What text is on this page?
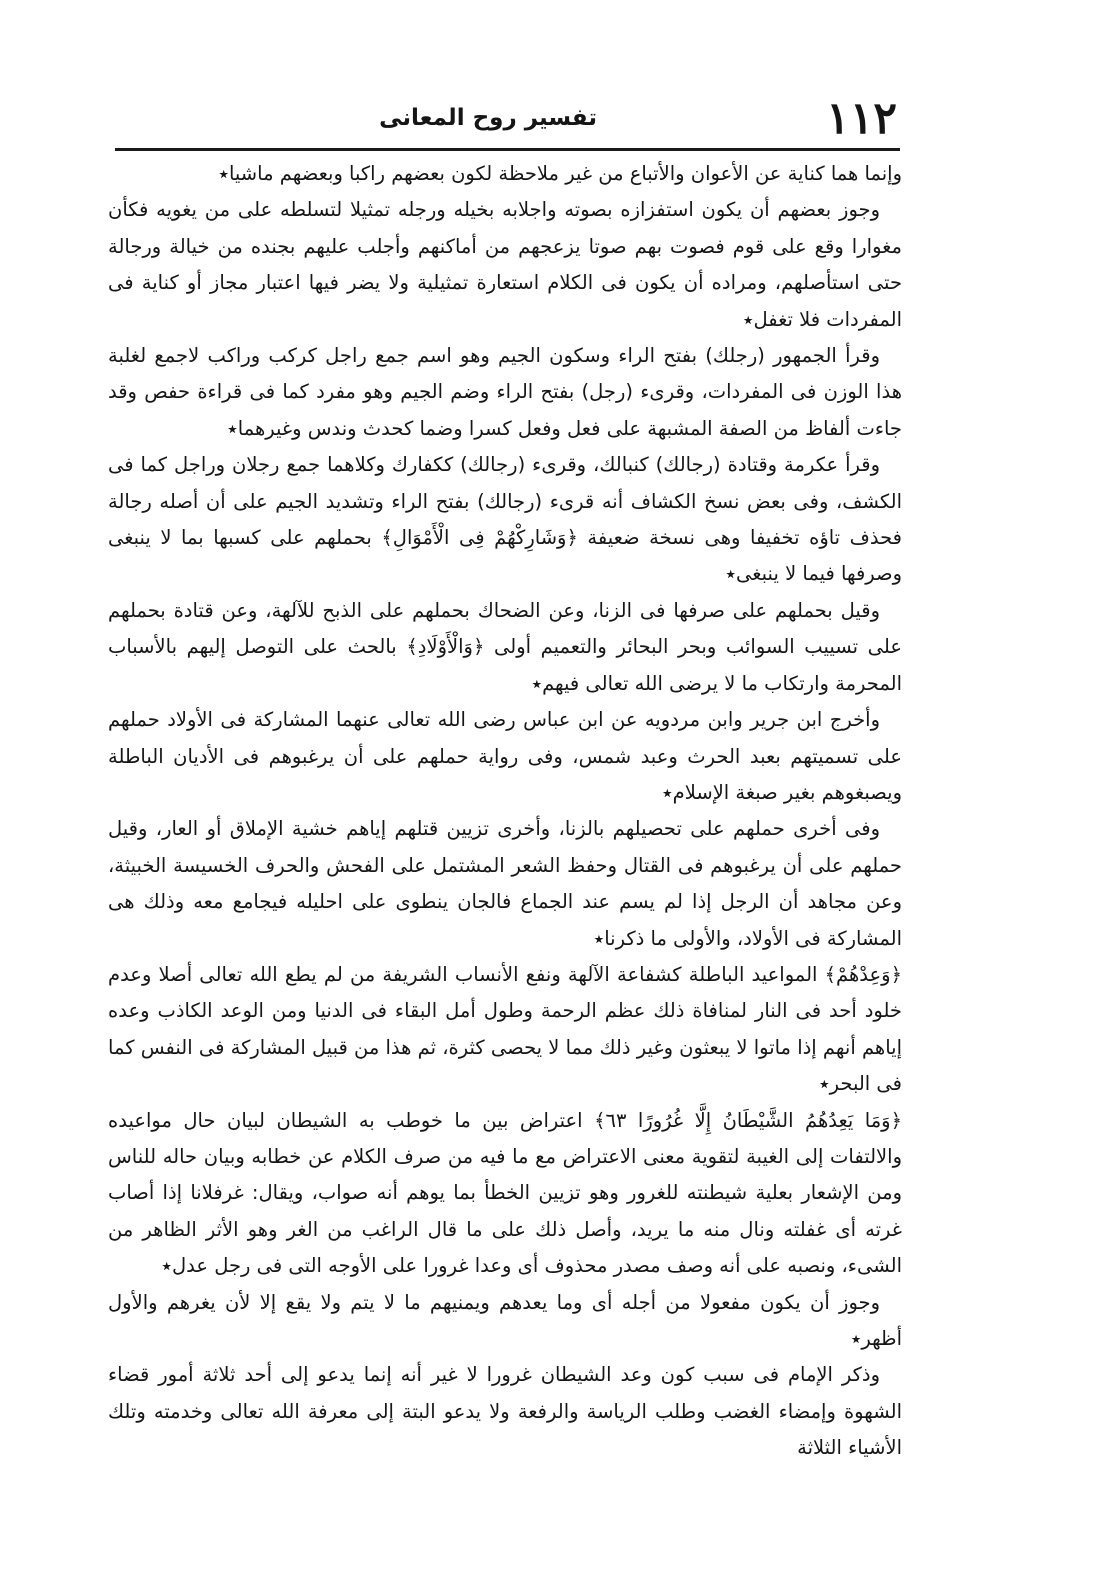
١١٢
تفسير روح المعانى

وإنما هما كناية عن الأعوان والأتباع من غير ملاحظة لكون بعضهم راكبا وبعضهم ماشيا٭

وجوز بعضهم أن يكون استفزازه بصوته واجلابه بخيله ورجله تمثيلا لتسلطه على من يغويه فكأن مغوارا وقع على قوم فصوت بهم صوتا يزعجهم من أماكنهم وأجلب عليهم بجنده من خيالة ورجالة حتى استأصلهم، ومراده أن يكون فى الكلام استعارة تمثيلية ولا يضر فيها اعتبار مجاز أو كناية فى المفردات فلا تغفل٭

وقرأ الجمهور (رجلك) بفتح الراء وسكون الجيم وهو اسم جمع راجل كركب وراكب لاجمع لغلبة هذا الوزن فى المفردات، وقرىء (رجل) بفتح الراء وضم الجيم وهو مفرد كما فى قراءة حفص وقد جاءت ألفاظ من الصفة المشبهة على فعل وفعل كسرا وضما كحدث وندس وغيرهما٭

وقرأ عكرمة وقتادة (رجالك) كنبالك، وقرىء (رجالك) ككفارك وكلاهما جمع رجلان وراجل كما فى الكشف، وفى بعض نسخ الكشاف أنه قرىء (رجالك) بفتح الراء وتشديد الجيم على أن أصله رجالة فحذف تاؤه تخفيفا وهى نسخة ضعيفة ﴿وَشَارِكْهُمْ فِى الْأَمْوَالِ﴾ بحملهم على كسبها بما لا ينبغى وصرفها فيما لا ينبغى٭

وقيل بحملهم على صرفها فى الزنا، وعن الضحاك بحملهم على الذبح للآلهة، وعن قتادة بحملهم على تسييب السوائب وبحر البحائر والتعميم أولى ﴿وَالْأَوْلَادِ﴾ بالحث على التوصل إليهم بالأسباب المحرمة وارتكاب ما لا يرضى الله تعالى فيهم٭

وأخرج ابن جرير وابن مردويه عن ابن عباس رضى الله تعالى عنهما المشاركة فى الأولاد حملهم على تسميتهم بعبد الحرث وعبد شمس، وفى رواية حملهم على أن يرغبوهم فى الأديان الباطلة ويصبغوهم بغير صبغة الإسلام٭

وفى أخرى حملهم على تحصيلهم بالزنا، وأخرى تزيين قتلهم إياهم خشية الإملاق أو العار، وقيل حملهم على أن يرغبوهم فى القتال وحفظ الشعر المشتمل على الفحش والحرف الخسيسة الخبيثة، وعن مجاهد أن الرجل إذا لم يسم عند الجماع فالجان ينطوى على احليله فيجامع معه وذلك هى المشاركة فى الأولاد، والأولى ما ذكرنا٭

﴿وَعِدْهُمْ﴾ المواعيد الباطلة كشفاعة الآلهة ونفع الأنساب الشريفة من لم يطع الله تعالى أصلا وعدم خلود أحد فى النار لمنافاة ذلك عظم الرحمة وطول أمل البقاء فى الدنيا ومن الوعد الكاذب وعده إياهم أنهم إذا ماتوا لا يبعثون وغير ذلك مما لا يحصى كثرة، ثم هذا من قبيل المشاركة فى النفس كما فى البحر٭

﴿وَمَا يَعِدُهُمُ الشَّيْطَانُ إِلَّا غُرُورًا ٦٣﴾ اعتراض بين ما خوطب به الشيطان لبيان حال مواعيده والالتفات إلى الغيبة لتقوية معنى الاعتراض مع ما فيه من صرف الكلام عن خطابه وبيان حاله للناس ومن الإشعار بعلية شيطنته للغرور وهو تزيين الخطأ بما يوهم أنه صواب، ويقال: غرفلانا إذا أصاب غرته أى غفلته ونال منه ما يريد، وأصل ذلك على ما قال الراغب من الغر وهو الأثر الظاهر من الشىء، ونصبه على أنه وصف مصدر محذوف أى وعدا غرورا على الأوجه التى فى رجل عدل٭

وجوز أن يكون مفعولا من أجله أى وما يعدهم ويمنيهم ما لا يتم ولا يقع إلا لأن يغرهم والأول أظهر٭

وذكر الإمام فى سبب كون وعد الشيطان غرورا لا غير أنه إنما يدعو إلى أحد ثلاثة أمور قضاء الشهوة وإمضاء الغضب وطلب الرياسة والرفعة ولا يدعو البتة إلى معرفة الله تعالى وخدمته وتلك الأشياء الثلاثة
